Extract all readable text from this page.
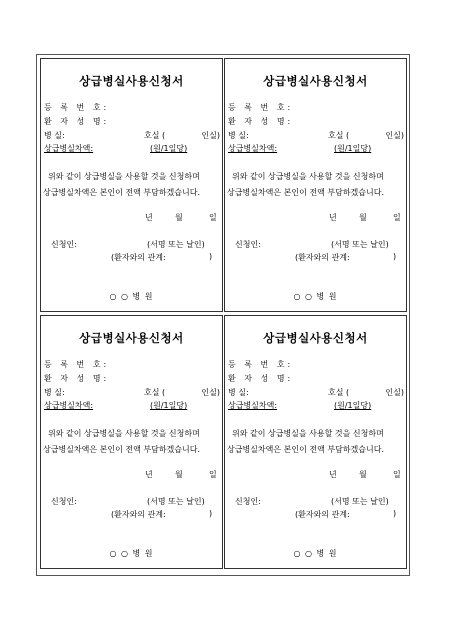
상급병실사용신청서
등 록 번 호:
환 자 성 명:
병 실:	호실 (	인실)
상급병실차액:	(원/1일당)
위와 같이 상급병실을 사용할 것을 신청하며
상급병실차액은 본인이 전액 부담하겠습니다.
년	월	일
신청인:	(서명 또는 날인)
(환자와의 관계:	)
○ ○ 병 원
상급병실사용신청서
등 록 번 호:
환 자 성 명:
병 실:	호실 (	인실)
상급병실차액:	(원/1일당)
위와 같이 상급병실을 사용할 것을 신청하며
상급병실차액은 본인이 전액 부담하겠습니다.
년	월	일
신청인:	(서명 또는 날인)
(환자와의 관계:	)
○ ○ 병 원
상급병실사용신청서
등 록 번 호:
환 자 성 명:
병 실:	호실 (	인실)
상급병실차액:	(원/1일당)
위와 같이 상급병실을 사용할 것을 신청하며
상급병실차액은 본인이 전액 부담하겠습니다.
년	월	일
신청인:	(서명 또는 날인)
(환자와의 관계:	)
○ ○ 병 원
상급병실사용신청서
등 록 번 호:
환 자 성 명:
병 실:	호실 (	인실)
상급병실차액:	(원/1일당)
위와 같이 상급병실을 사용할 것을 신청하며
상급병실차액은 본인이 전액 부담하겠습니다.
년	월	일
신청인:	(서명 또는 날인)
(환자와의 관계:	)
○ ○ 병 원
